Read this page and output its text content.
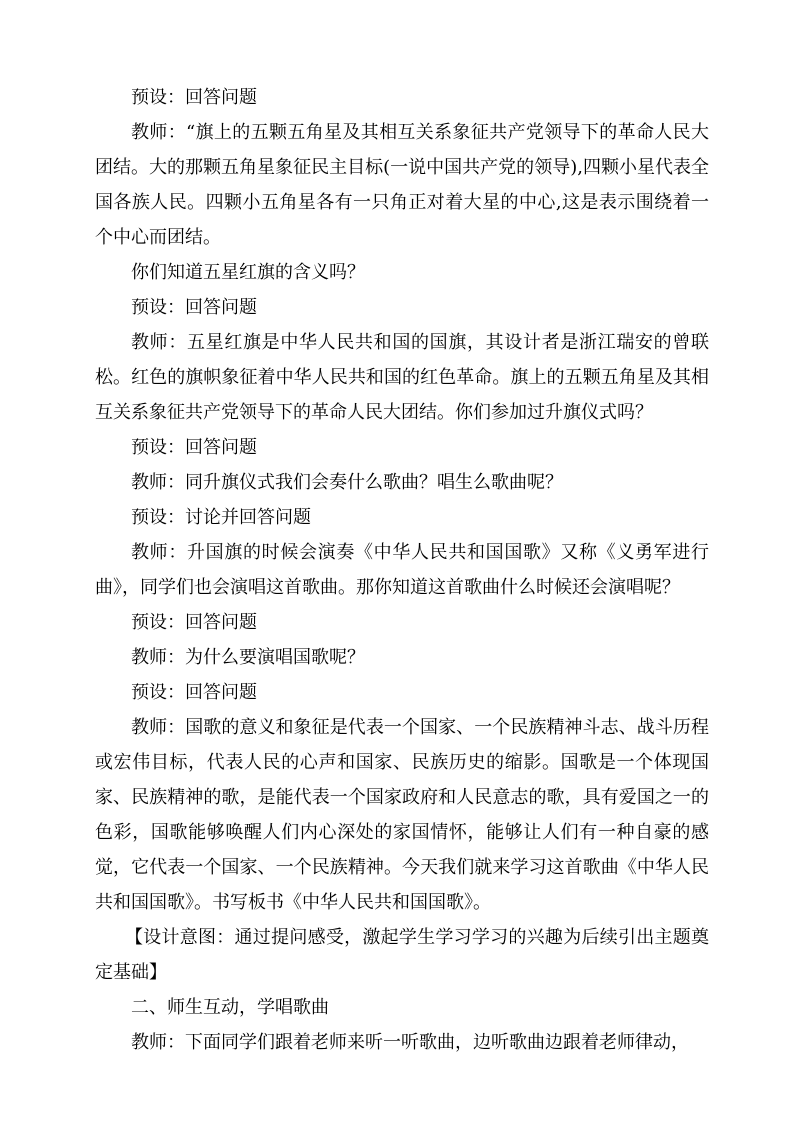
预设：回答问题

教师：“旗上的五颗五角星及其相互关系象征共产党领导下的革命人民大团结。大的那颗五角星象征民主目标(一说中国共产党的领导),四颗小星代表全国各族人民。四颗小五角星各有一只角正对着大星的中心,这是表示围绕着一个中心而团结。

你们知道五星红旗的含义吗？

预设：回答问题

教师：五星红旗是中华人民共和国的国旗，其设计者是浙江瑞安的曾联松。红色的旗帜象征着中华人民共和国的红色革命。旗上的五颗五角星及其相互关系象征共产党领导下的革命人民大团结。你们参加过升旗仪式吗？

预设：回答问题

教师：同升旗仪式我们会奏什么歌曲？唱生么歌曲呢？

预设：讨论并回答问题

教师：升国旗的时候会演奏《中华人民共和国国歌》又称《义勇军进行曲》，同学们也会演唱这首歌曲。那你知道这首歌曲什么时候还会演唱呢？

预设：回答问题

教师：为什么要演唱国歌呢？

预设：回答问题

教师：国歌的意义和象征是代表一个国家、一个民族精神斗志、战斗历程或宏伟目标，代表人民的心声和国家、民族历史的缩影。国歌是一个体现国家、民族精神的歌，是能代表一个国家政府和人民意志的歌，具有爱国之一的色彩，国歌能够唤醒人们内心深处的家国情怀，能够让人们有一种自豪的感觉，它代表一个国家、一个民族精神。今天我们就来学习这首歌曲《中华人民共和国国歌》。书写板书《中华人民共和国国歌》。

【设计意图：通过提问感受，激起学生学习学习的兴趣为后续引出主题奠定基础】

二、师生互动，学唱歌曲

教师：下面同学们跟着老师来听一听歌曲，边听歌曲边跟着老师律动，
